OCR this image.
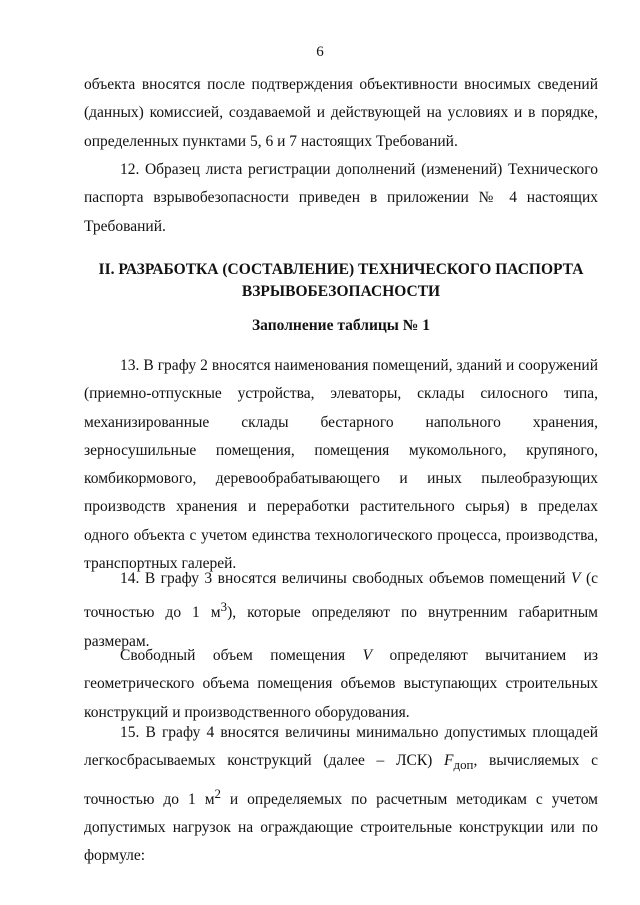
6

объекта вносятся после подтверждения объективности вносимых сведений (данных) комиссией, создаваемой и действующей на условиях и в порядке, определенных пунктами 5, 6 и 7 настоящих Требований.

12. Образец листа регистрации дополнений (изменений) Технического паспорта взрывобезопасности приведен в приложении № 4 настоящих Требований.

II. РАЗРАБОТКА (СОСТАВЛЕНИЕ) ТЕХНИЧЕСКОГО ПАСПОРТА
ВЗРЫВОБЕЗОПАСНОСТИ

Заполнение таблицы № 1

13. В графу 2 вносятся наименования помещений, зданий и сооружений (приемно-отпускные устройства, элеваторы, склады силосного типа, механизированные склады бестарного напольного хранения, зерносушильные помещения, помещения мукомольного, крупяного, комбикормового, деревообрабатывающего и иных пылеобразующих производств хранения и переработки растительного сырья) в пределах одного объекта с учетом единства технологического процесса, производства, транспортных галерей.

14. В графу 3 вносятся величины свободных объемов помещений V (с точностью до 1 $м^3$), которые определяют по внутренним габаритным размерам.

Свободный объем помещения V определяют вычитанием из геометрического объема помещения объемов выступающих строительных конструкций и производственного оборудования.

15. В графу 4 вносятся величины минимально допустимых площадей легкосбрасываемых конструкций (далее – ЛСК) $F_{доп}$, вычисляемых с точностью до 1 $м^2$ и определяемых по расчетным методикам с учетом допустимых нагрузок на ограждающие строительные конструкции или по формуле:
